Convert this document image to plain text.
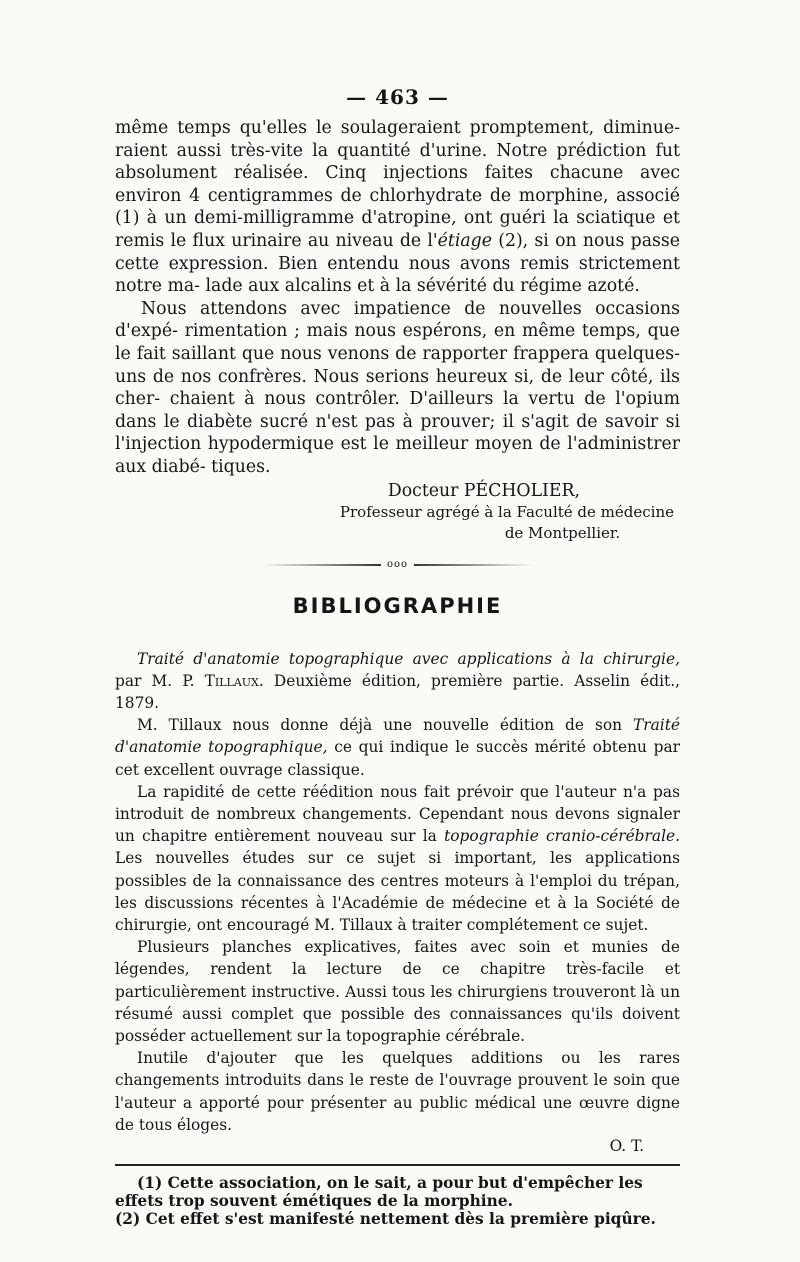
— 463 —

même temps qu'elles le soulageraient promptement, diminue- raient aussi très-vite la quantité d'urine. Notre prédiction fut absolument réalisée. Cinq injections faites chacune avec environ 4 centigrammes de chlorhydrate de morphine, associé (1) à un demi-milligramme d'atropine, ont guéri la sciatique et remis le flux urinaire au niveau de l'étiage (2), si on nous passe cette expression. Bien entendu nous avons remis strictement notre ma- lade aux alcalins et à la sévérité du régime azoté.

Nous attendons avec impatience de nouvelles occasions d'expé- rimentation ; mais nous espérons, en même temps, que le fait saillant que nous venons de rapporter frappera quelques-uns de nos confrères. Nous serions heureux si, de leur côté, ils cher- chaient à nous contrôler. D'ailleurs la vertu de l'opium dans le diabète sucré n'est pas à prouver; il s'agit de savoir si l'injection hypodermique est le meilleur moyen de l'administrer aux diabé- tiques.

Docteur PÉCHOLIER,
Professeur agrégé à la Faculté de médecine
de Montpellier.
ooo
BIBLIOGRAPHIE

Traité d'anatomie topographique avec applications à la chirurgie, par M. P. Tillaux. Deuxième édition, première partie. Asselin édit., 1879.

M. Tillaux nous donne déjà une nouvelle édition de son Traité d'anatomie topographique, ce qui indique le succès mérité obtenu par cet excellent ouvrage classique.

La rapidité de cette réédition nous fait prévoir que l'auteur n'a pas introduit de nombreux changements. Cependant nous devons signaler un chapitre entièrement nouveau sur la topographie cranio-cérébrale. Les nouvelles études sur ce sujet si important, les applications possibles de la connaissance des centres moteurs à l'emploi du trépan, les discussions récentes à l'Académie de médecine et à la Société de chirurgie, ont encouragé M. Tillaux à traiter complétement ce sujet.

Plusieurs planches explicatives, faites avec soin et munies de légendes, rendent la lecture de ce chapitre très-facile et particulièrement instructive. Aussi tous les chirurgiens trouveront là un résumé aussi complet que possible des connaissances qu'ils doivent posséder actuellement sur la topographie cérébrale.

Inutile d'ajouter que les quelques additions ou les rares changements introduits dans le reste de l'ouvrage prouvent le soin que l'auteur a apporté pour présenter au public médical une œuvre digne de tous éloges.

O. T.

(1) Cette association, on le sait, a pour but d'empêcher les effets trop souvent émétiques de la morphine.

(2) Cet effet s'est manifesté nettement dès la première piqûre.
